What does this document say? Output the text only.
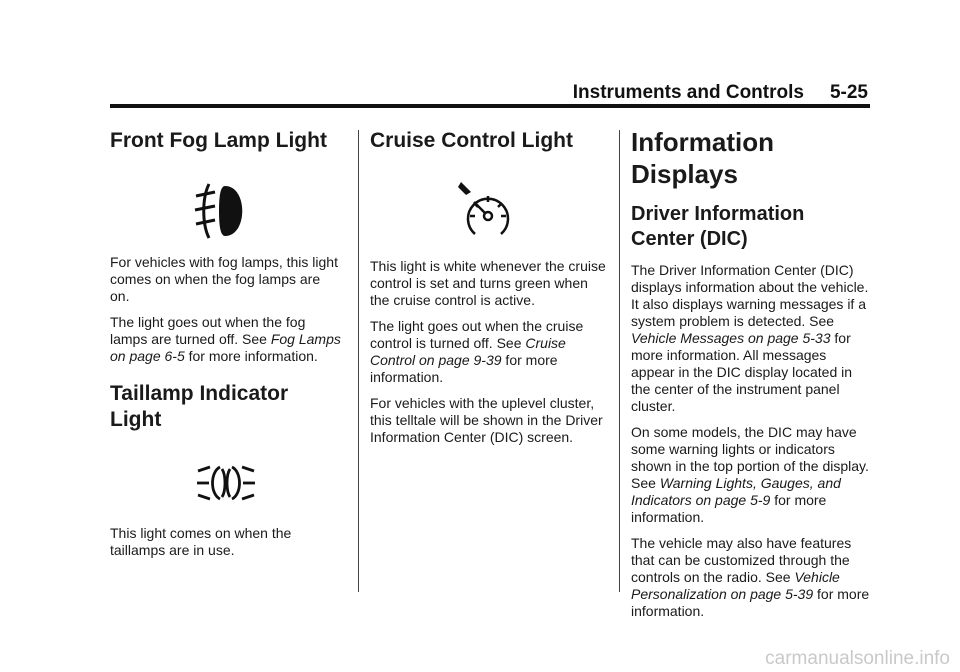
Instruments and Controls 5-25
Front Fog Lamp Light

For vehicles with fog lamps, this light comes on when the fog lamps are on.

The light goes out when the fog lamps are turned off. See Fog Lamps on page 6-5 for more information.

Taillamp Indicator Light

This light comes on when the taillamps are in use.

Cruise Control Light

This light is white whenever the cruise control is set and turns green when the cruise control is active.

The light goes out when the cruise control is turned off. See Cruise Control on page 9-39 for more information.

For vehicles with the uplevel cluster, this telltale will be shown in the Driver Information Center (DIC) screen.

Information Displays
Driver Information Center (DIC)

The Driver Information Center (DIC) displays information about the vehicle. It also displays warning messages if a system problem is detected. See Vehicle Messages on page 5-33 for more information. All messages appear in the DIC display located in the center of the instrument panel cluster.

On some models, the DIC may have some warning lights or indicators shown in the top portion of the display. See Warning Lights, Gauges, and Indicators on page 5-9 for more information.

The vehicle may also have features that can be customized through the controls on the radio. See Vehicle Personalization on page 5-39 for more information.

carmanualsonline.info
